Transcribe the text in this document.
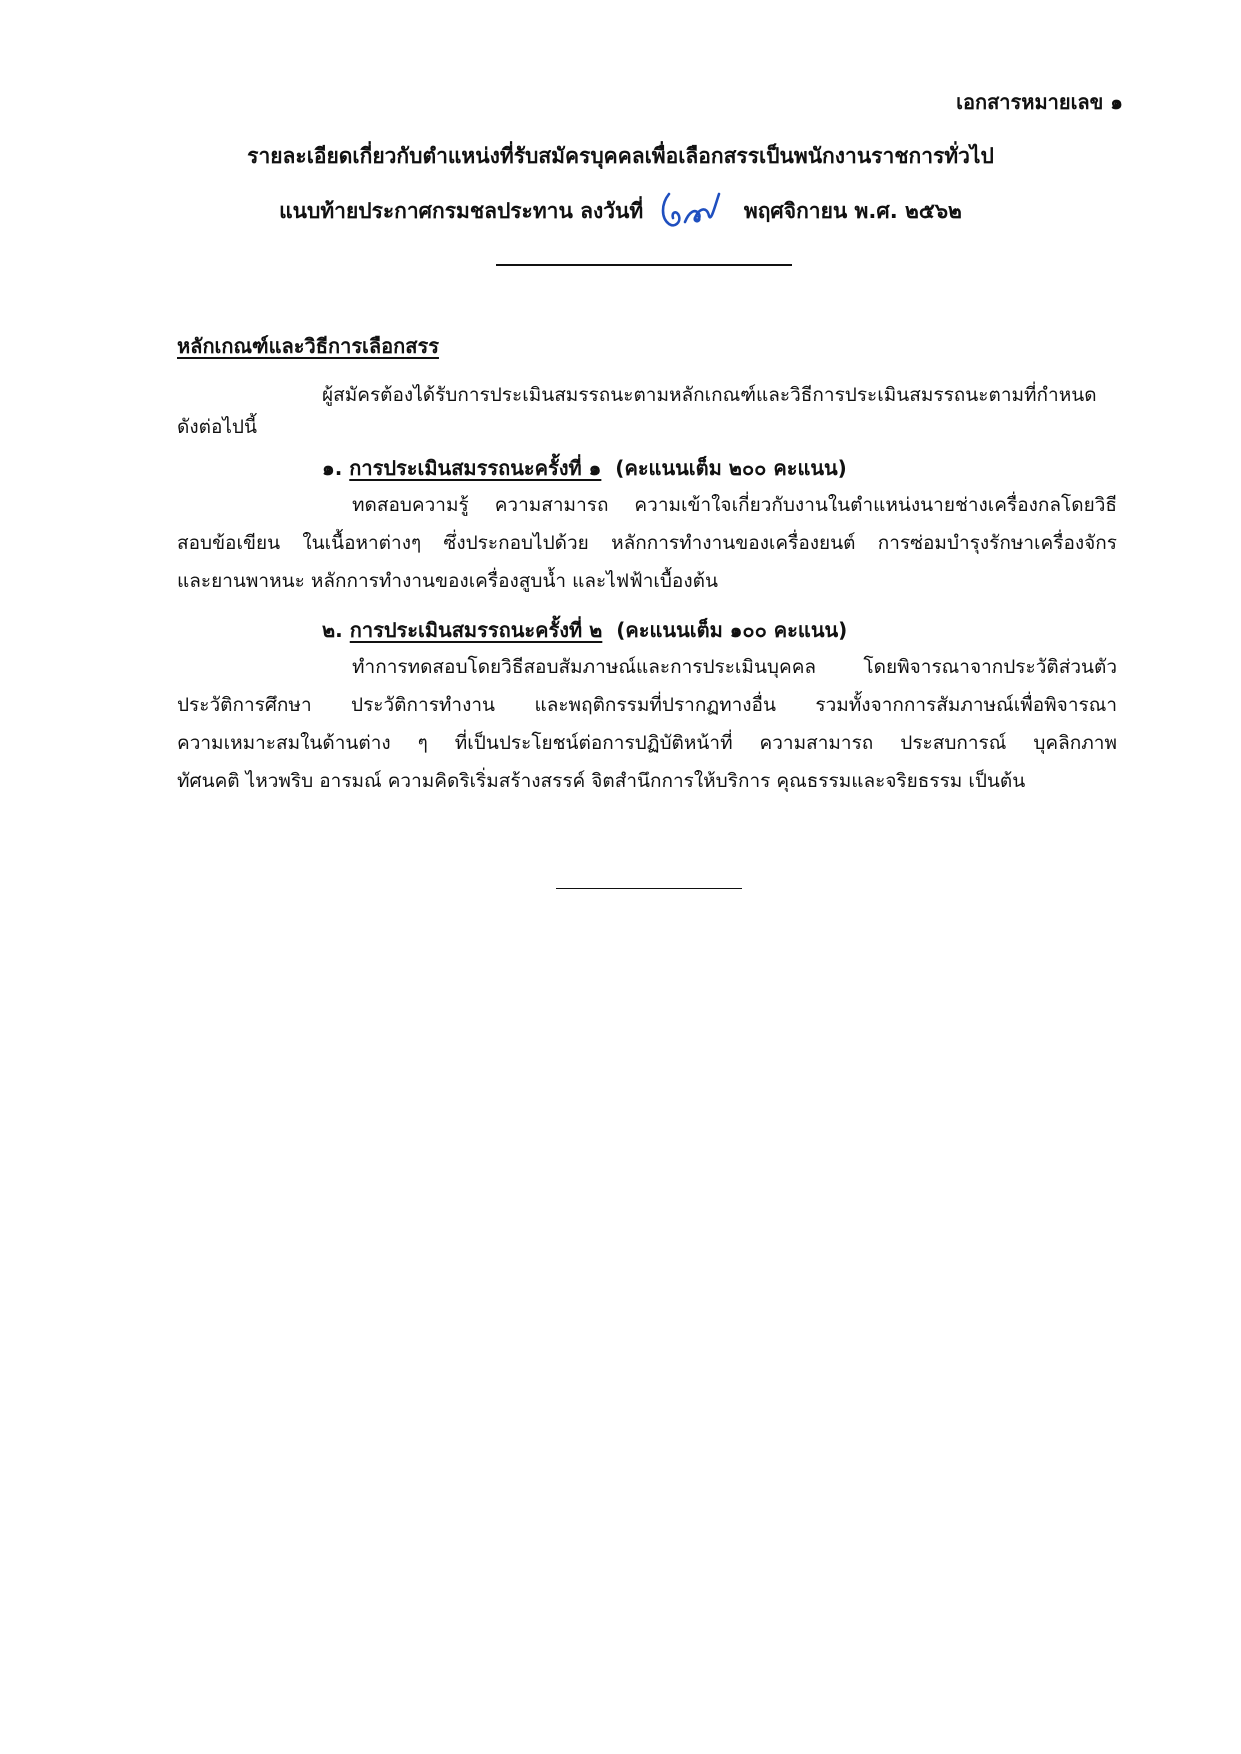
เอกสารหมายเลข ๑
รายละเอียดเกี่ยวกับตำแหน่งที่รับสมัครบุคคลเพื่อเลือกสรรเป็นพนักงานราชการทั่วไป
แนบท้ายประกาศกรมชลประทาน ลงวันที่	พฤศจิกายน พ.ศ. ๒๕๖๒
หลักเกณฑ์และวิธีการเลือกสรร
ผู้สมัครต้องได้รับการประเมินสมรรถนะตามหลักเกณฑ์และวิธีการประเมินสมรรถนะตามที่กำหนด
ดังต่อไปนี้
๑. การประเมินสมรรถนะครั้งที่ ๑ (คะแนนเต็ม ๒๐๐ คะแนน)
ทดสอบความรู้ ความสามารถ ความเข้าใจเกี่ยวกับงานในตำแหน่งนายช่างเครื่องกลโดยวิธี
สอบข้อเขียน ในเนื้อหาต่างๆ ซึ่งประกอบไปด้วย หลักการทำงานของเครื่องยนต์ การซ่อมบำรุงรักษาเครื่องจักร
และยานพาหนะ หลักการทำงานของเครื่องสูบน้ำ และไฟฟ้าเบื้องต้น
๒. การประเมินสมรรถนะครั้งที่ ๒ (คะแนนเต็ม ๑๐๐ คะแนน)
ทำการทดสอบโดยวิธีสอบสัมภาษณ์และการประเมินบุคคล โดยพิจารณาจากประวัติส่วนตัว
ประวัติการศึกษา ประวัติการทำงาน และพฤติกรรมที่ปรากฏทางอื่น รวมทั้งจากการสัมภาษณ์เพื่อพิจารณา
ความเหมาะสมในด้านต่าง ๆ ที่เป็นประโยชน์ต่อการปฏิบัติหน้าที่ ความสามารถ ประสบการณ์ บุคลิกภาพ
ทัศนคติ ไหวพริบ อารมณ์ ความคิดริเริ่มสร้างสรรค์ จิตสำนึกการให้บริการ คุณธรรมและจริยธรรม เป็นต้น
